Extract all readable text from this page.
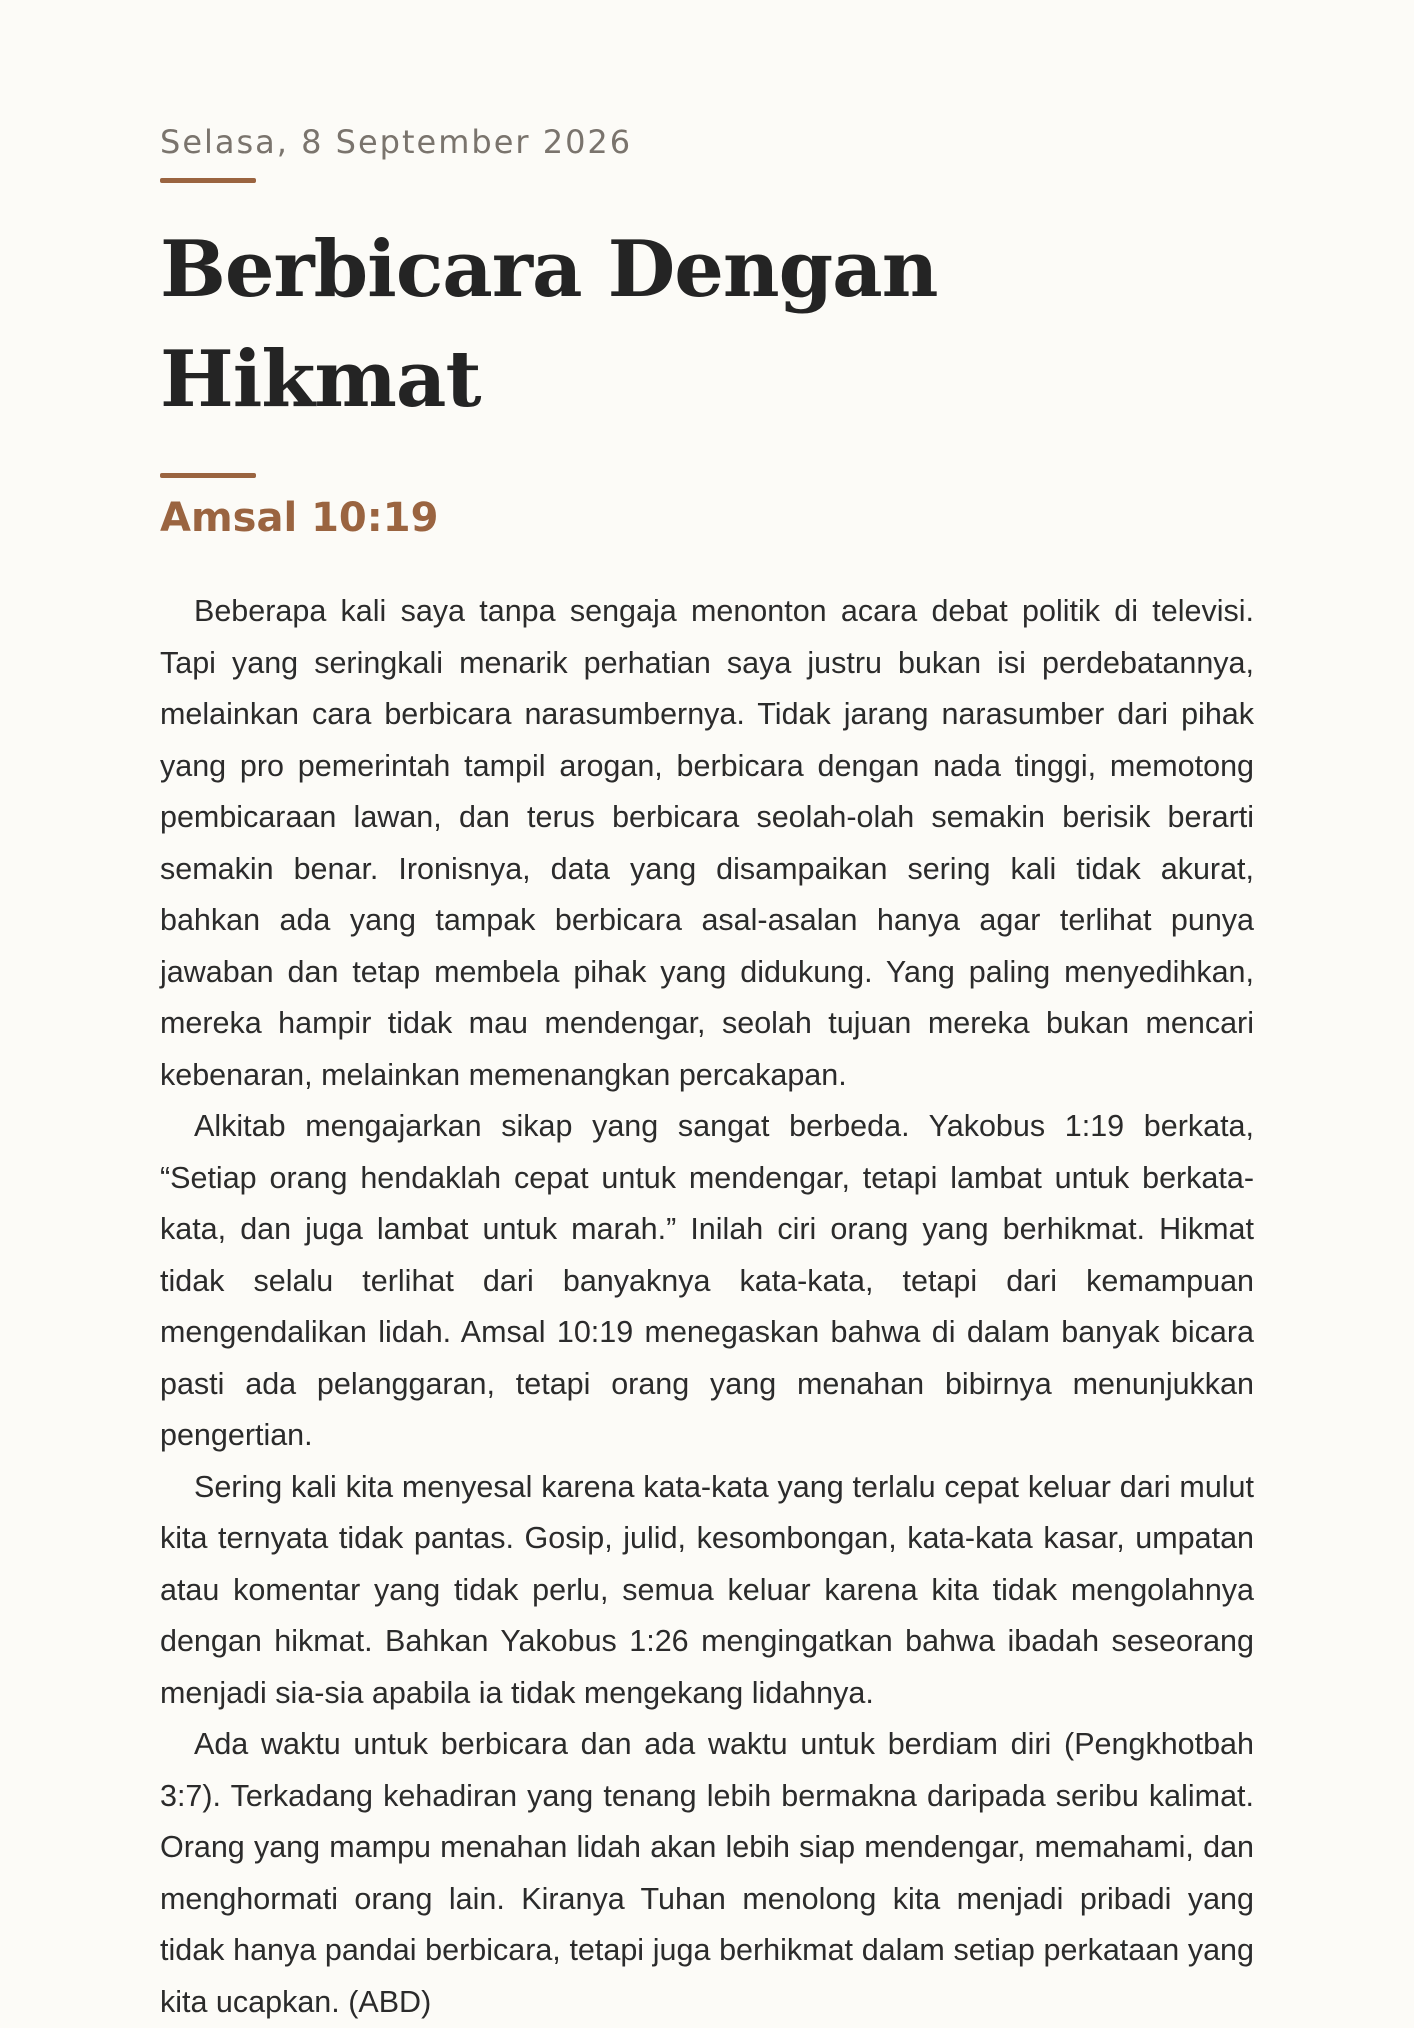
Selasa, 8 September 2026

Berbicara Dengan Hikmat
Amsal 10:19

Beberapa kali saya tanpa sengaja menonton acara debat politik di televisi. Tapi yang seringkali menarik perhatian saya justru bukan isi perdebatannya, melainkan cara berbicara narasumbernya. Tidak jarang narasumber dari pihak yang pro pemerintah tampil arogan, berbicara dengan nada tinggi, memotong pembicaraan lawan, dan terus berbicara seolah-olah semakin berisik berarti semakin benar. Ironisnya, data yang disampaikan sering kali tidak akurat, bahkan ada yang tampak berbicara asal-asalan hanya agar terlihat punya jawaban dan tetap membela pihak yang didukung. Yang paling menyedihkan, mereka hampir tidak mau mendengar, seolah tujuan mereka bukan mencari kebenaran, melainkan memenangkan percakapan.

Alkitab mengajarkan sikap yang sangat berbeda. Yakobus 1:19 berkata, “Setiap orang hendaklah cepat untuk mendengar, tetapi lambat untuk berkata-kata, dan juga lambat untuk marah.” Inilah ciri orang yang berhikmat. Hikmat tidak selalu terlihat dari banyaknya kata-kata, tetapi dari kemampuan mengendalikan lidah. Amsal 10:19 menegaskan bahwa di dalam banyak bicara pasti ada pelanggaran, tetapi orang yang menahan bibirnya menunjukkan pengertian.

Sering kali kita menyesal karena kata-kata yang terlalu cepat keluar dari mulut kita ternyata tidak pantas. Gosip, julid, kesombongan, kata-kata kasar, umpatan atau komentar yang tidak perlu, semua keluar karena kita tidak mengolahnya dengan hikmat. Bahkan Yakobus 1:26 mengingatkan bahwa ibadah seseorang menjadi sia-sia apabila ia tidak mengekang lidahnya.

Ada waktu untuk berbicara dan ada waktu untuk berdiam diri (Pengkhotbah 3:7). Terkadang kehadiran yang tenang lebih bermakna daripada seribu kalimat. Orang yang mampu menahan lidah akan lebih siap mendengar, memahami, dan menghormati orang lain. Kiranya Tuhan menolong kita menjadi pribadi yang tidak hanya pandai berbicara, tetapi juga berhikmat dalam setiap perkataan yang kita ucapkan. (ABD)
